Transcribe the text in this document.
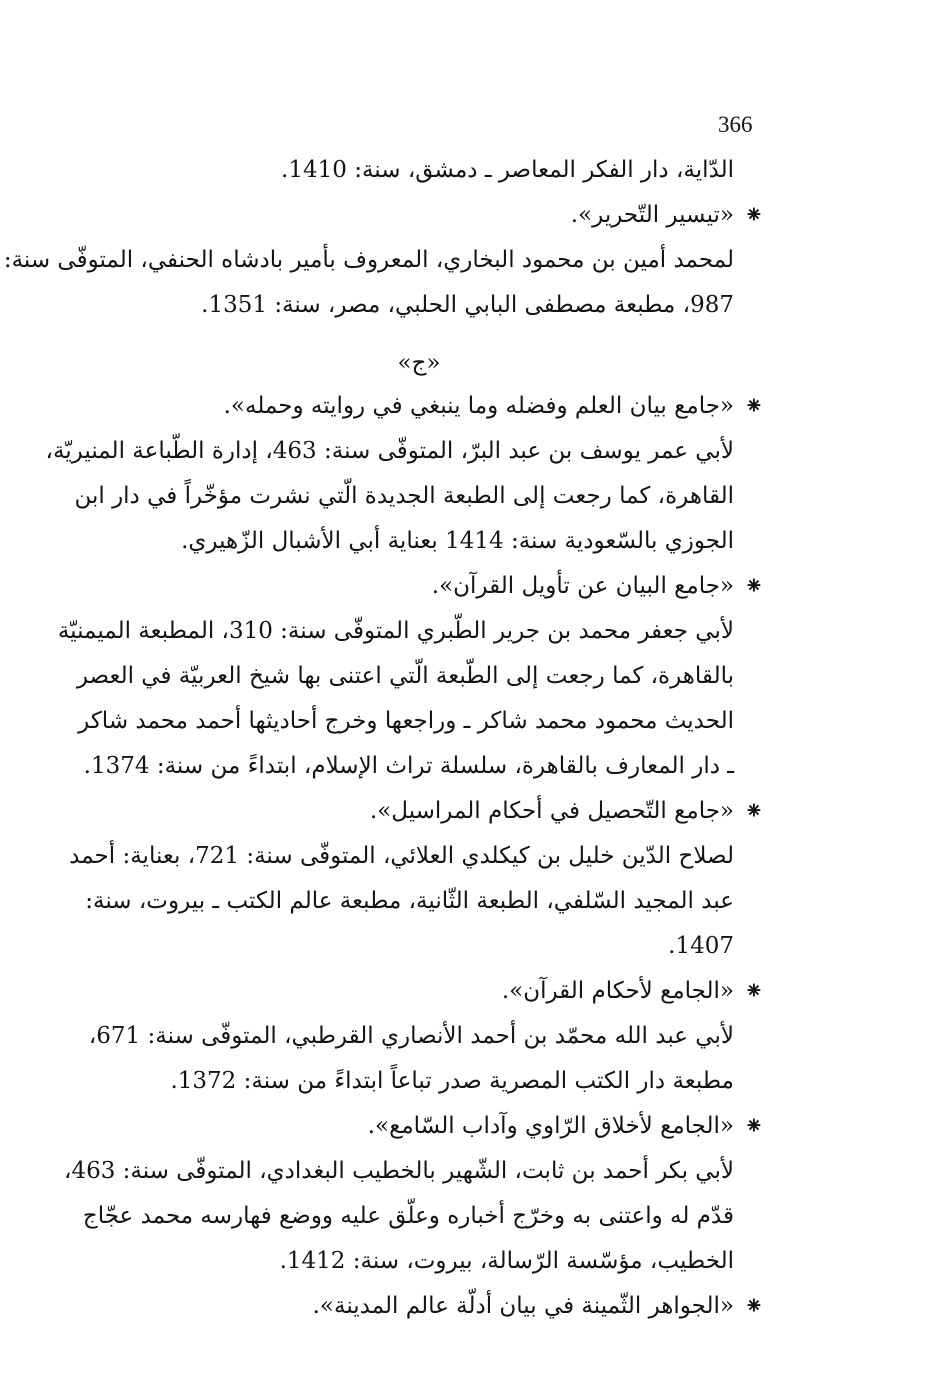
366
الدّاية، دار الفكر المعاصر ـ دمشق، سنة: 1410.
⁕
«تيسير التّحرير».
لمحمد أمين بن محمود البخاري، المعروف بأمير بادشاه الحنفي، المتوفّى سنة:
987، مطبعة مصطفى البابي الحلبي، مصر، سنة: 1351.
«ج»
⁕
«جامع بيان العلم وفضله وما ينبغي في روايته وحمله».
لأبي عمر يوسف بن عبد البرّ، المتوفّى سنة: 463، إدارة الطّباعة المنيريّة،
القاهرة، كما رجعت إلى الطبعة الجديدة الّتي نشرت مؤخّراً في دار ابن
الجوزي بالسّعودية سنة: 1414 بعناية أبي الأشبال الزّهيري.
⁕
«جامع البيان عن تأويل القرآن».
لأبي جعفر محمد بن جرير الطّبري المتوفّى سنة: 310، المطبعة الميمنيّة
بالقاهرة، كما رجعت إلى الطّبعة الّتي اعتنى بها شيخ العربيّة في العصر
الحديث محمود محمد شاكر ـ وراجعها وخرج أحاديثها أحمد محمد شاكر
ـ دار المعارف بالقاهرة، سلسلة تراث الإسلام، ابتداءً من سنة: 1374.
⁕
«جامع التّحصيل في أحكام المراسيل».
لصلاح الدّين خليل بن كيكلدي العلائي، المتوفّى سنة: 721، بعناية: أحمد
عبد المجيد السّلفي، الطبعة الثّانية، مطبعة عالم الكتب ـ بيروت، سنة:
1407.
⁕
«الجامع لأحكام القرآن».
لأبي عبد الله محمّد بن أحمد الأنصاري القرطبي، المتوفّى سنة: 671،
مطبعة دار الكتب المصرية صدر تباعاً ابتداءً من سنة: 1372.
⁕
«الجامع لأخلاق الرّاوي وآداب السّامع».
لأبي بكر أحمد بن ثابت، الشّهير بالخطيب البغدادي، المتوفّى سنة: 463،
قدّم له واعتنى به وخرّج أخباره وعلّق عليه ووضع فهارسه محمد عجّاج
الخطيب، مؤسّسة الرّسالة، بيروت، سنة: 1412.
⁕
«الجواهر الثّمينة في بيان أدلّة عالم المدينة».
